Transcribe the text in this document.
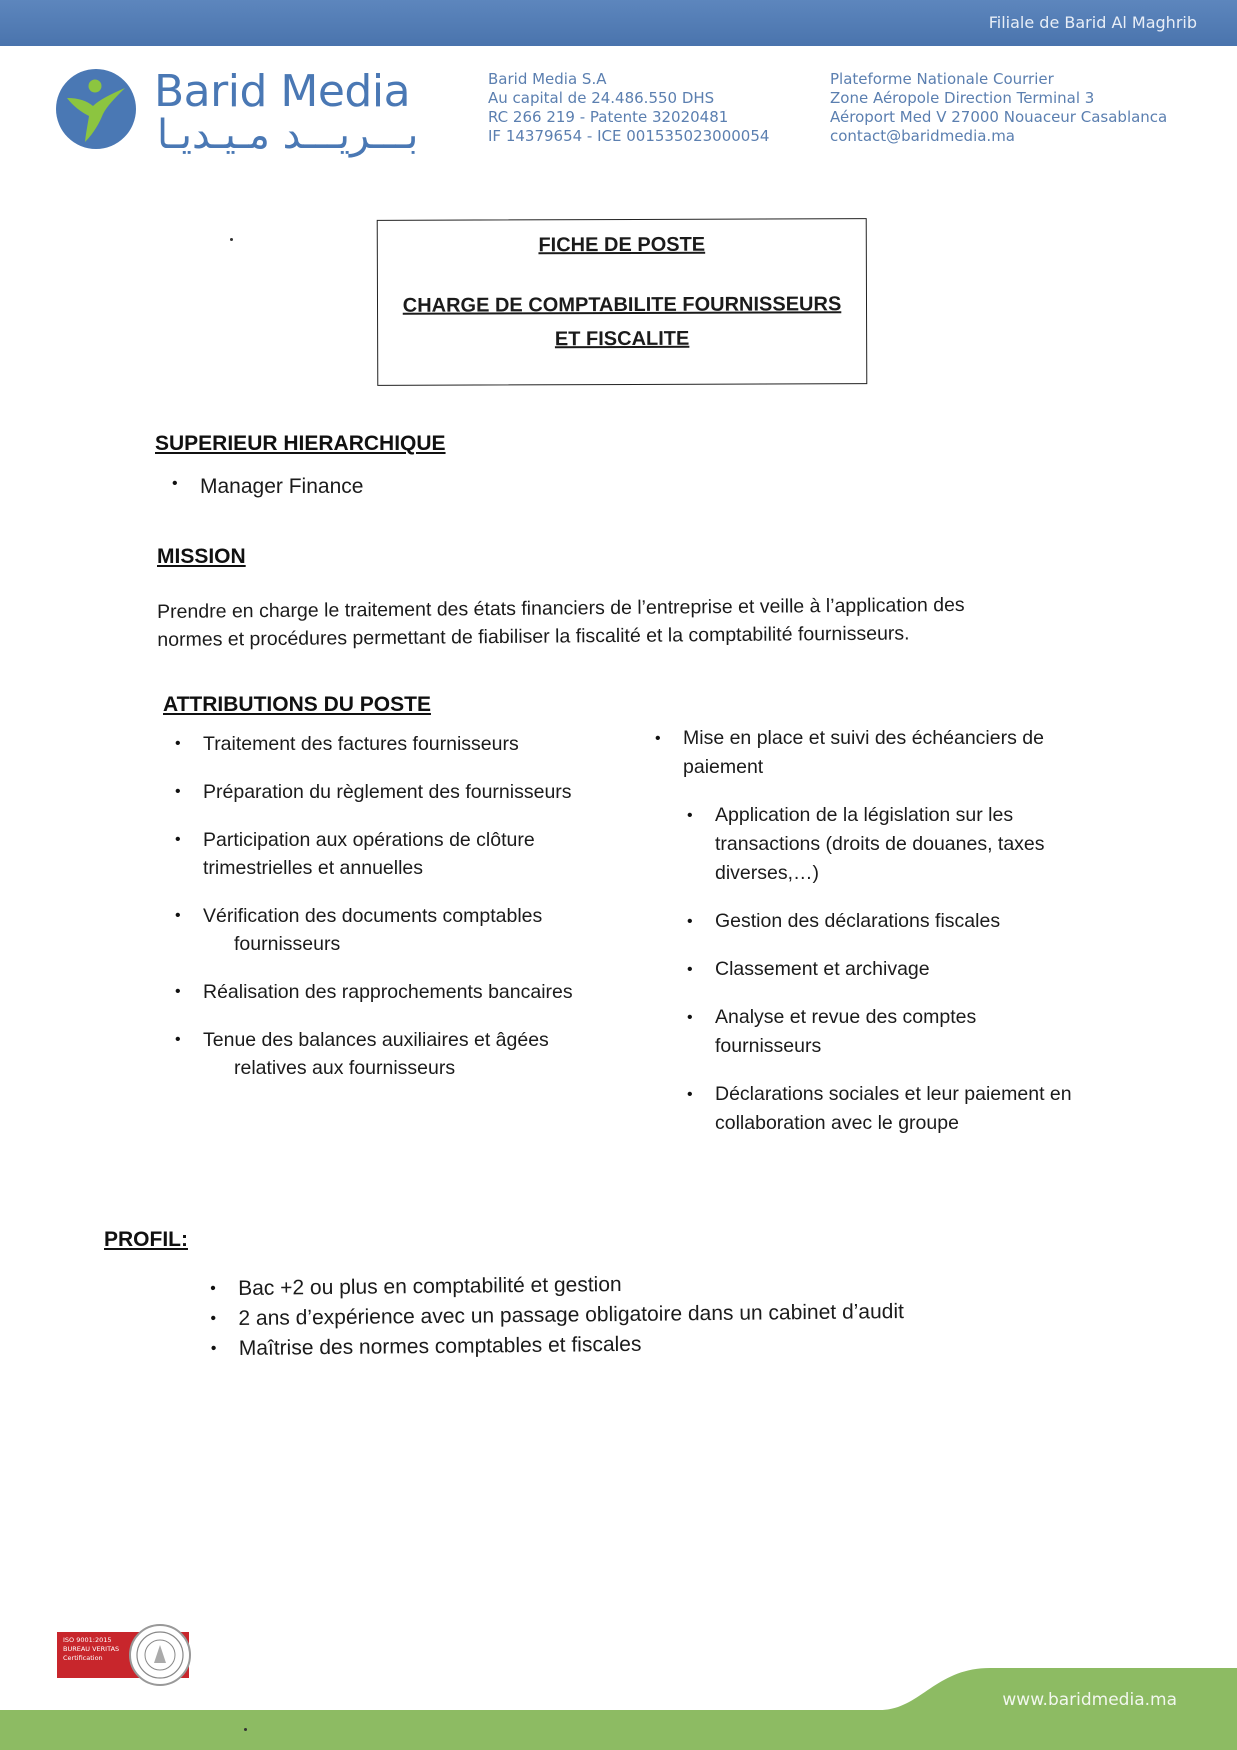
Filiale de Barid Al Maghrib
Barid Media
بـــريـــد مـيـديـا
Barid Media S.A
Au capital de 24.486.550 DHS
RC 266 219 - Patente 32020481
IF 14379654 - ICE 001535023000054
Plateforme Nationale Courrier
Zone Aéropole Direction Terminal 3
Aéroport Med V 27000 Nouaceur Casablanca
contact@baridmedia.ma
FICHE DE POSTE
CHARGE DE COMPTABILITE FOURNISSEURS
ET FISCALITE
SUPERIEUR HIERARCHIQUE
• Manager Finance
MISSION
Prendre en charge le traitement des états financiers de l’entreprise et veille à l’application des
normes et procédures permettant de fiabiliser la fiscalité et la comptabilité fournisseurs.
ATTRIBUTIONS DU POSTE
• Traitement des factures fournisseurs
• Préparation du règlement des fournisseurs
• Participation aux opérations de clôture
trimestrielles et annuelles
• Vérification des documents comptables
fournisseurs
• Réalisation des rapprochements bancaires
• Tenue des balances auxiliaires et âgées
relatives aux fournisseurs
• Mise en place et suivi des échéanciers de
paiement
• Application de la législation sur les
transactions (droits de douanes, taxes
diverses,…)
• Gestion des déclarations fiscales
• Classement et archivage
• Analyse et revue des comptes
fournisseurs
• Déclarations sociales et leur paiement en
collaboration avec le groupe
PROFIL:
• Bac +2 ou plus en comptabilité et gestion
• 2 ans d’expérience avec un passage obligatoire dans un cabinet d’audit
• Maîtrise des normes comptables et fiscales
ISO 9001:2015
BUREAU VERITAS
Certification
www.baridmedia.ma
